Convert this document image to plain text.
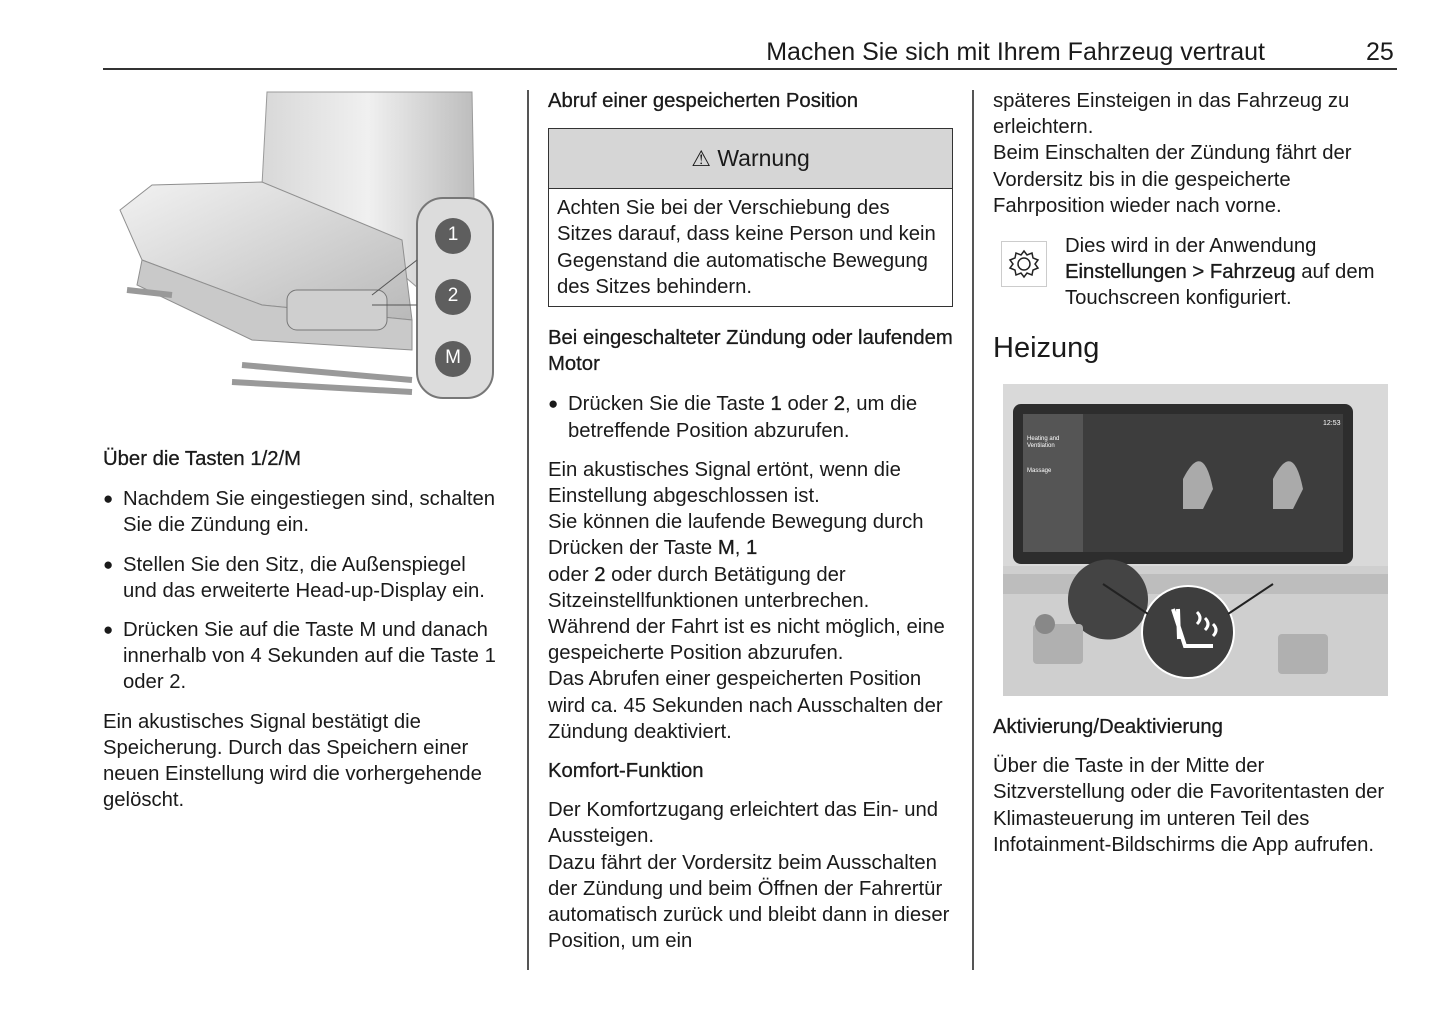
Machen Sie sich mit Ihrem Fahrzeug vertraut	25
1
2
M

Über die Tasten 1/2/M

● Nachdem Sie eingestiegen sind, schalten Sie die Zündung ein.

● Stellen Sie den Sitz, die Außenspiegel und das erweiterte Head-up-Display ein.

● Drücken Sie auf die Taste M und danach innerhalb von 4 Sekunden auf die Taste 1 oder 2.

Ein akustisches Signal bestätigt die Speicherung. Durch das Speichern einer neuen Einstellung wird die vorhergehende gelöscht.

Abruf einer gespeicherten Position

⚠ Warnung
Achten Sie bei der Verschiebung des Sitzes darauf, dass keine Person und kein Gegenstand die automatische Bewegung des Sitzes behindern.

Bei eingeschalteter Zündung oder laufendem Motor

● Drücken Sie die Taste 1 oder 2, um die betreffende Position abzurufen.

Ein akustisches Signal ertönt, wenn die Einstellung abgeschlossen ist.

Sie können die laufende Bewegung durch Drücken der Taste M, 1
oder 2 oder durch Betätigung der Sitzeinstellfunktionen unterbrechen.

Während der Fahrt ist es nicht möglich, eine gespeicherte Position abzurufen.

Das Abrufen einer gespeicherten Position wird ca. 45 Sekunden nach Ausschalten der Zündung deaktiviert.

Komfort-Funktion

Der Komfortzugang erleichtert das Ein- und Aussteigen.

Dazu fährt der Vordersitz beim Ausschalten der Zündung und beim Öffnen der Fahrertür automatisch zurück und bleibt dann in dieser Position, um ein

späteres Einsteigen in das Fahrzeug zu erleichtern.

Beim Einschalten der Zündung fährt der Vordersitz bis in die gespeicherte Fahrposition wieder nach vorne.

Dies wird in der Anwendung Einstellungen > Fahrzeug auf dem Touchscreen konfiguriert.

Heizung

12:53
Heating and Ventilation
Massage

Aktivierung/Deaktivierung

Über die Taste in der Mitte der Sitzverstellung oder die Favoritentasten der Klimasteuerung im unteren Teil des Infotainment-Bildschirms die App aufrufen.
